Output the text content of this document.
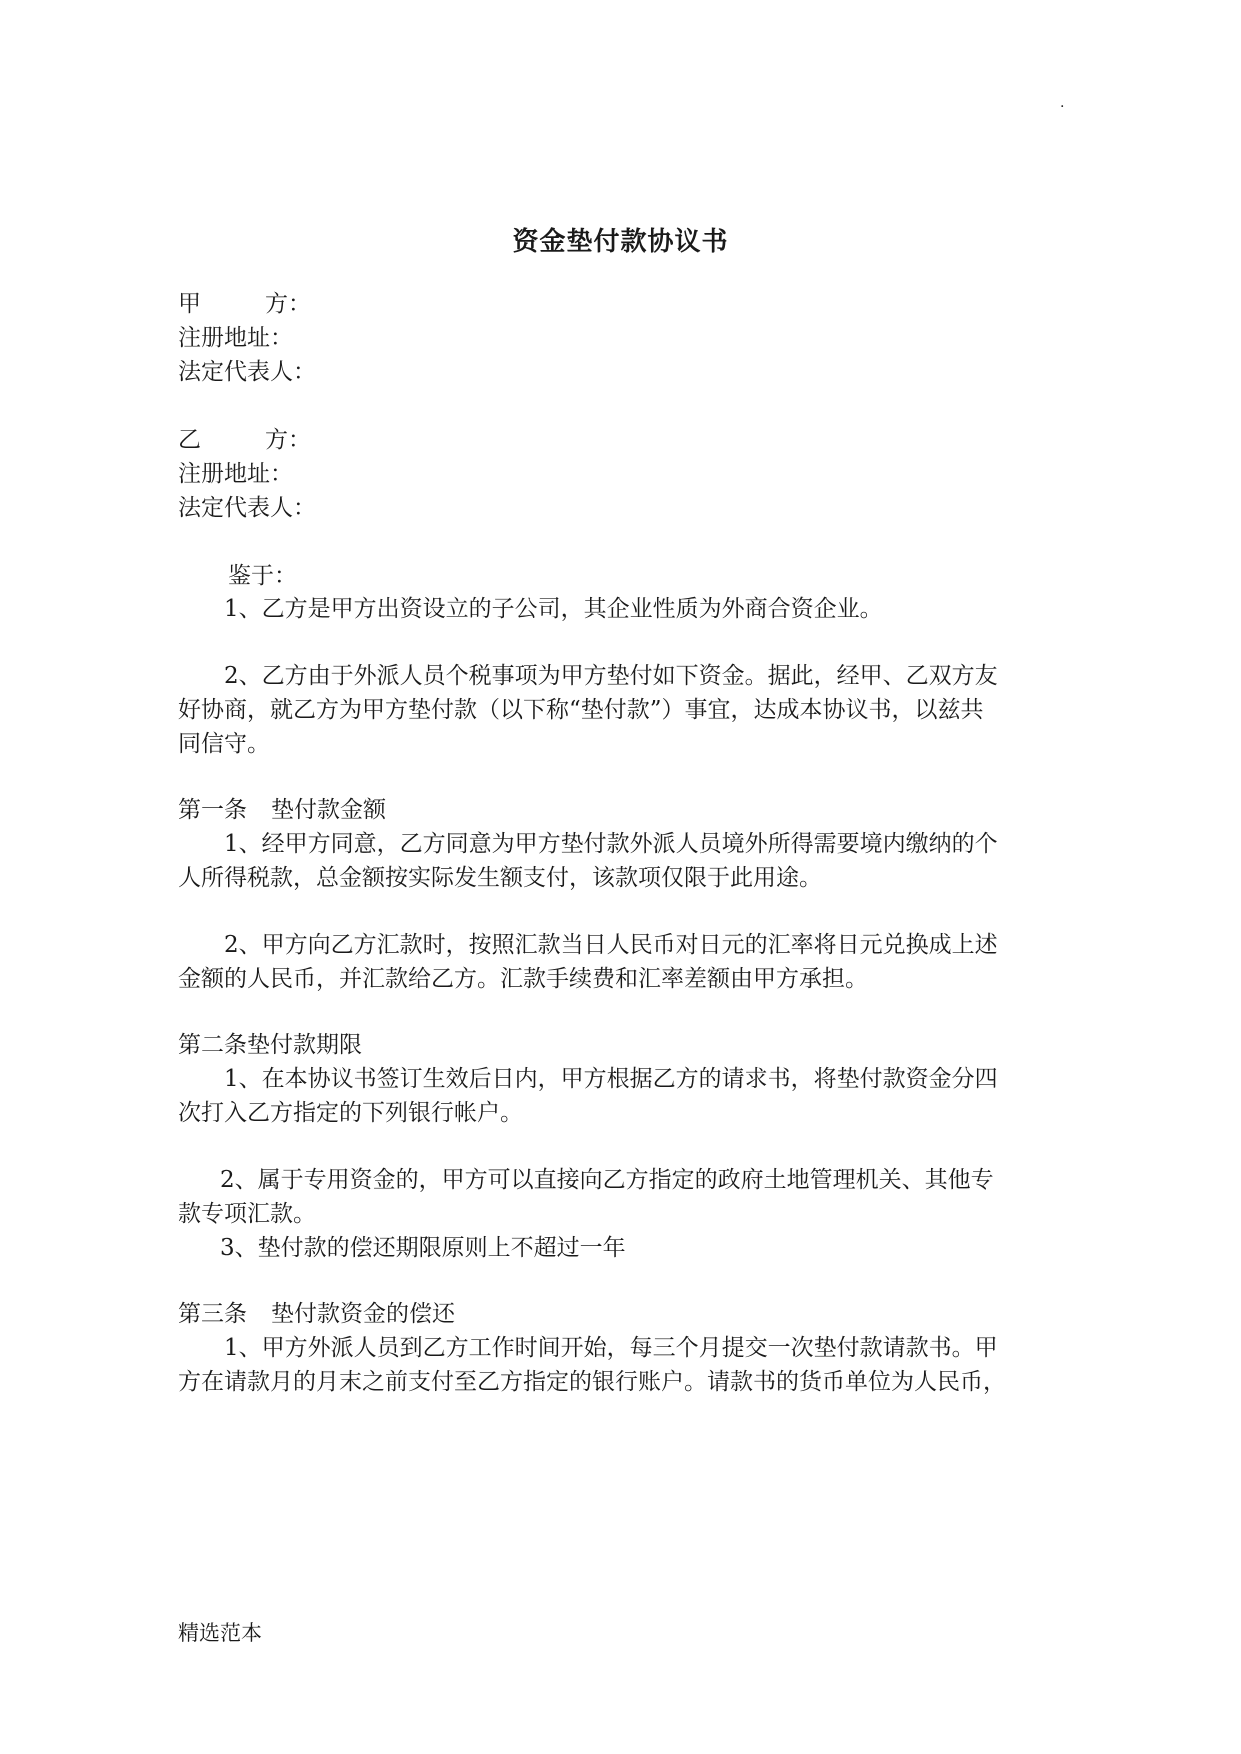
.
资金垫付款协议书
甲	方：
注册地址：
法定代表人：
乙	方：
注册地址：
法定代表人：
鉴于：
1、乙方是甲方出资设立的子公司，其企业性质为外商合资企业。
2、乙方由于外派人员个税事项为甲方垫付如下资金。据此，经甲、乙双方友
好协商，就乙方为甲方垫付款（以下称“垫付款”）事宜，达成本协议书，以兹共
同信守。
第一条 垫付款金额
1、经甲方同意，乙方同意为甲方垫付款外派人员境外所得需要境内缴纳的个
人所得税款，总金额按实际发生额支付，该款项仅限于此用途。
2、甲方向乙方汇款时，按照汇款当日人民币对日元的汇率将日元兑换成上述
金额的人民币，并汇款给乙方。汇款手续费和汇率差额由甲方承担。
第二条垫付款期限
1、在本协议书签订生效后日内，甲方根据乙方的请求书，将垫付款资金分四
次打入乙方指定的下列银行帐户。
2、属于专用资金的，甲方可以直接向乙方指定的政府土地管理机关、其他专
款专项汇款。
3、垫付款的偿还期限原则上不超过一年
第三条 垫付款资金的偿还
1、甲方外派人员到乙方工作时间开始，每三个月提交一次垫付款请款书。甲
方在请款月的月末之前支付至乙方指定的银行账户。请款书的货币单位为人民币，
精选范本
